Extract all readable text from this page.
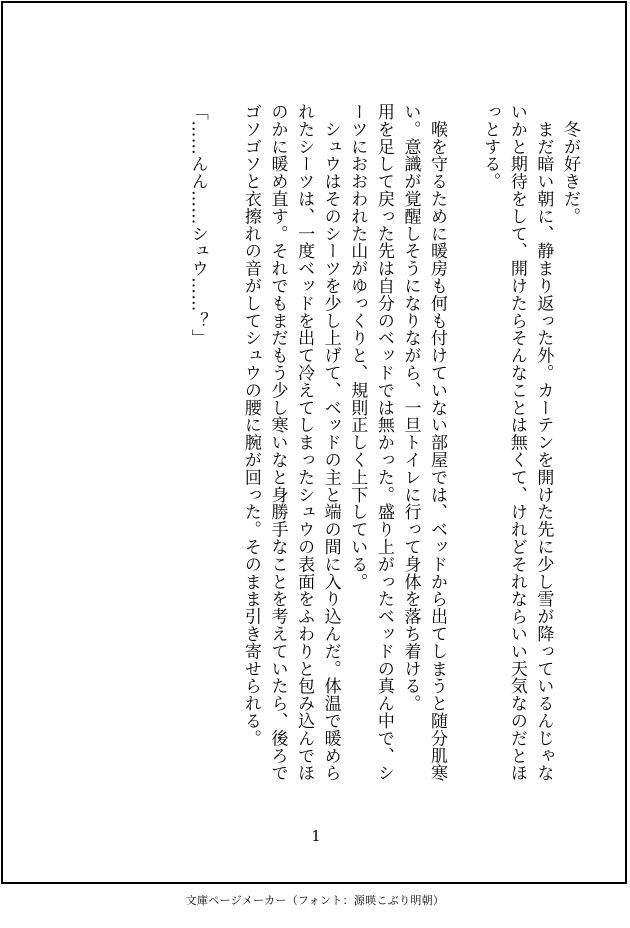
　冬が好きだ。

　まだ暗い朝に、静まり返った外。カーテンを開けた先に少し雪が降っているんじゃないかと期待をして、開けたらそんなことは無くて、けれどそれならいい天気なのだとほっとする。

　喉を守るために暖房も何も付けていない部屋では、ベッドから出てしまうと随分肌寒い。意識が覚醒しそうになりながら、一旦トイレに行って身体を落ち着ける。

用を足して戻った先は自分のベッドでは無かった。盛り上がったベッドの真ん中で、シーツにおおわれた山がゆっくりと、規則正しく上下している。

　シュウはそのシーツを少し上げて、ベッドの主と端の間に入り込んだ。体温で暖められたシーツは、一度ベッドを出て冷えてしまったシュウの表面をふわりと包み込んでほのかに暖め直す。それでもまだもう少し寒いなと身勝手なことを考えていたら、後ろでゴソゴソと衣擦れの音がしてシュウの腰に腕が回った。そのまま引き寄せられる。

「……んん……シュウ……？」

1
文庫ページメーカー（フォント：源暎こぶり明朝）
